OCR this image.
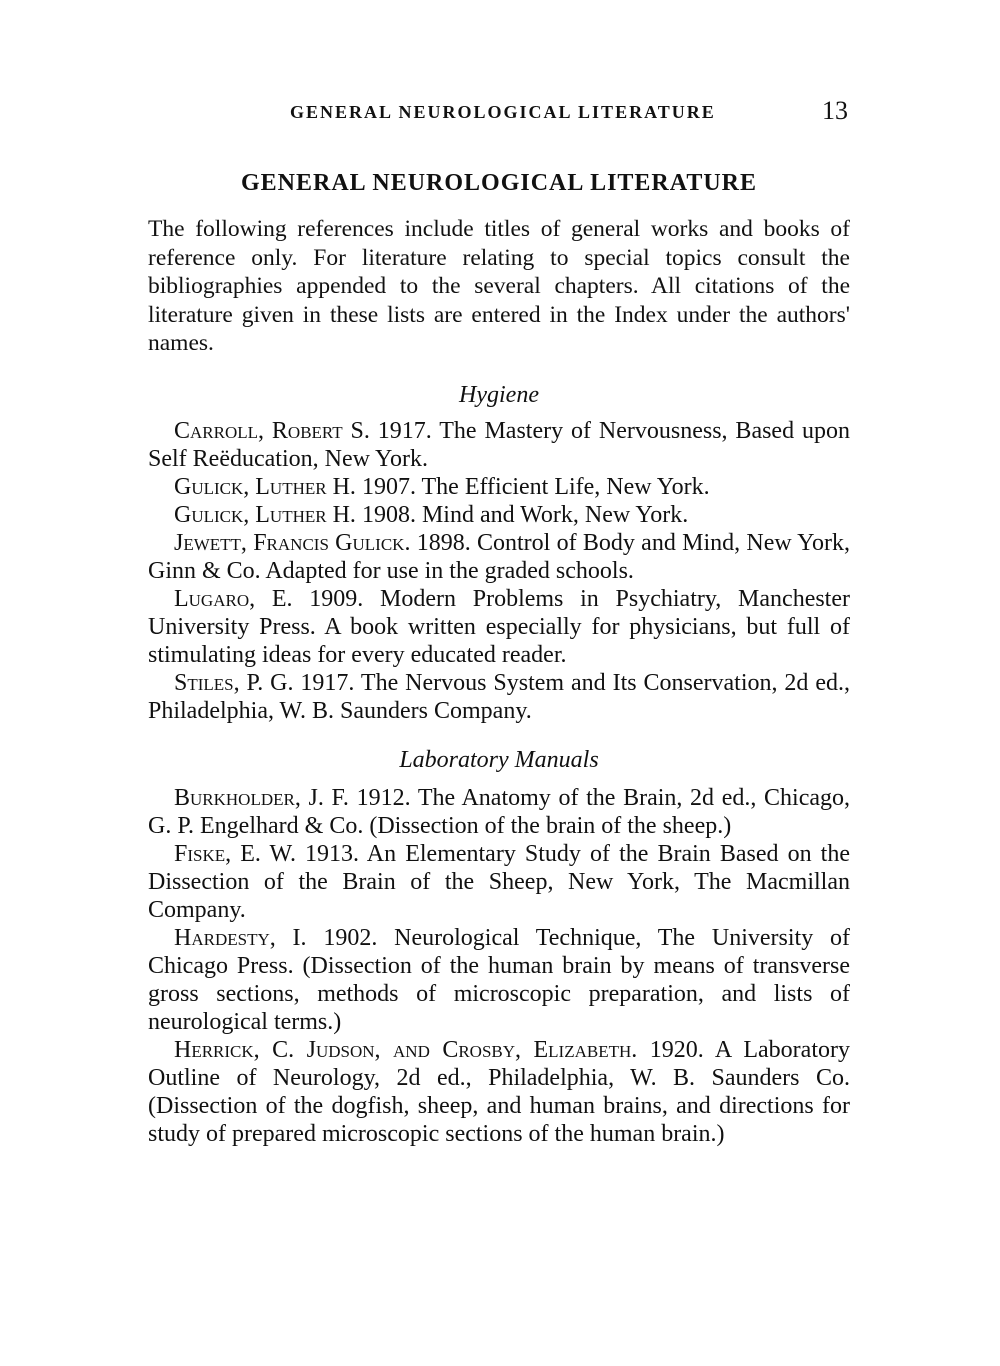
GENERAL NEUROLOGICAL LITERATURE	13
GENERAL NEUROLOGICAL LITERATURE

The following references include titles of general works and books of reference only. For literature relating to special topics consult the bibliographies appended to the several chapters. All citations of the literature given in these lists are entered in the Index under the authors' names.

Hygiene

Carroll, Robert S. 1917. The Mastery of Nervousness, Based upon Self Reëducation, New York.

Gulick, Luther H. 1907. The Efficient Life, New York.

Gulick, Luther H. 1908. Mind and Work, New York.

Jewett, Francis Gulick. 1898. Control of Body and Mind, New York, Ginn & Co. Adapted for use in the graded schools.

Lugaro, E. 1909. Modern Problems in Psychiatry, Manchester University Press. A book written especially for physicians, but full of stimulating ideas for every educated reader.

Stiles, P. G. 1917. The Nervous System and Its Conservation, 2d ed., Philadelphia, W. B. Saunders Company.

Laboratory Manuals

Burkholder, J. F. 1912. The Anatomy of the Brain, 2d ed., Chicago, G. P. Engelhard & Co. (Dissection of the brain of the sheep.)

Fiske, E. W. 1913. An Elementary Study of the Brain Based on the Dissection of the Brain of the Sheep, New York, The Macmillan Company.

Hardesty, I. 1902. Neurological Technique, The University of Chicago Press. (Dissection of the human brain by means of transverse gross sections, methods of microscopic preparation, and lists of neurological terms.)

Herrick, C. Judson, and Crosby, Elizabeth. 1920. A Laboratory Outline of Neurology, 2d ed., Philadelphia, W. B. Saunders Co. (Dissection of the dogfish, sheep, and human brains, and directions for study of prepared microscopic sections of the human brain.)
